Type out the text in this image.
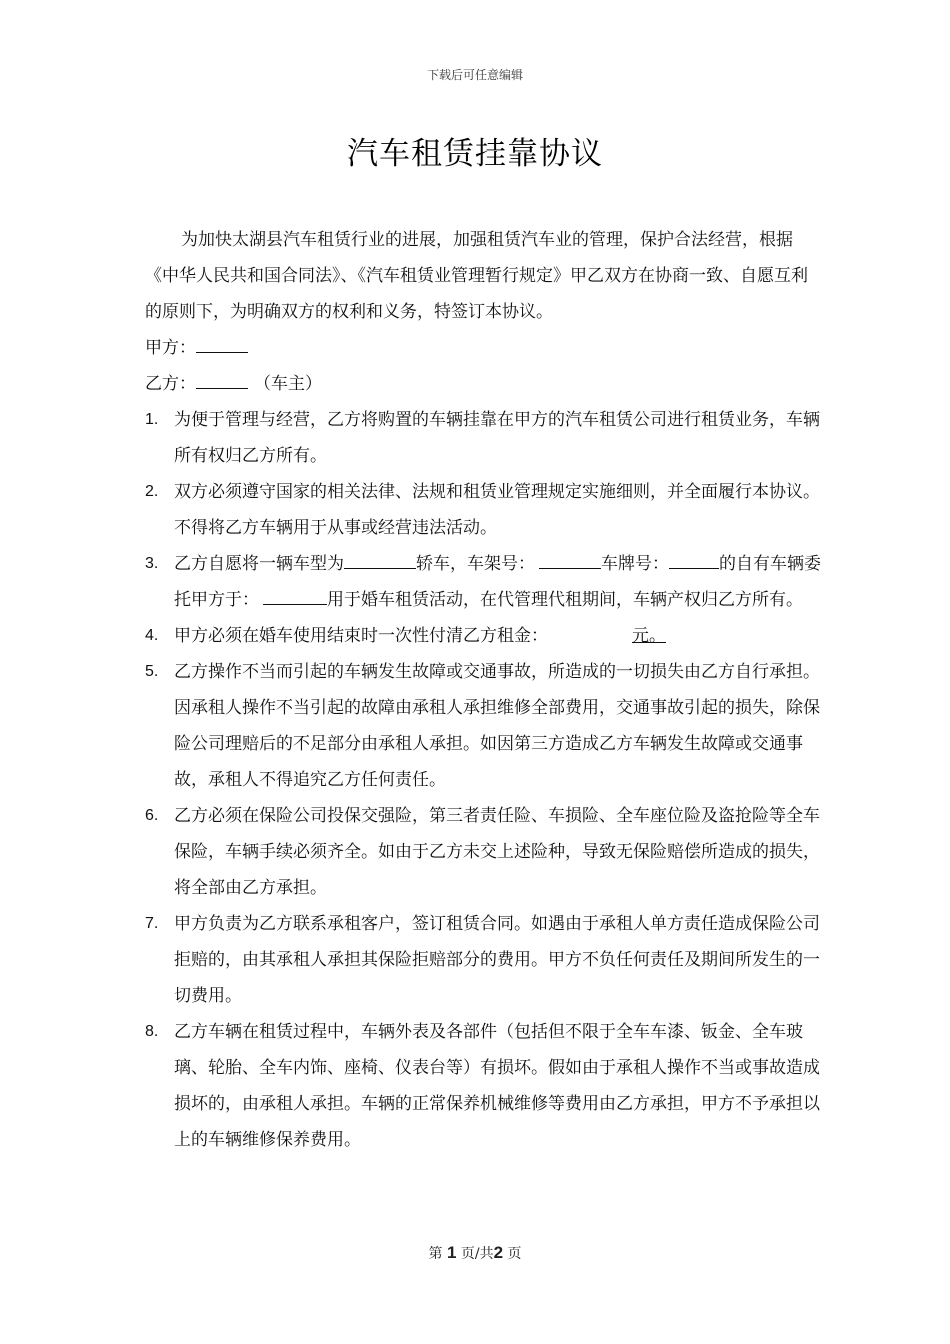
下载后可任意编辑
汽车租赁挂靠协议
为加快太湖县汽车租赁行业的进展，加强租赁汽车业的管理，保护合法经营，根据《中华人民共和国合同法》、《汽车租赁业管理暂行规定》甲乙双方在协商一致、自愿互利的原则下，为明确双方的权利和义务，特签订本协议。
甲方：
乙方：	（车主）
1. 为便于管理与经营，乙方将购置的车辆挂靠在甲方的汽车租赁公司进行租赁业务，车辆所有权归乙方所有。
2. 双方必须遵守国家的相关法律、法规和租赁业管理规定实施细则，并全面履行本协议。不得将乙方车辆用于从事或经营违法活动。
3. 乙方自愿将一辆车型为	轿车，车架号：	车牌号：	的自有车辆委托甲方于：	用于婚车租赁活动，在代管理代租期间，车辆产权归乙方所有。
4. 甲方必须在婚车使用结束时一次性付清乙方租金：	元。
5. 乙方操作不当而引起的车辆发生故障或交通事故，所造成的一切损失由乙方自行承担。因承租人操作不当引起的故障由承租人承担维修全部费用，交通事故引起的损失，除保险公司理赔后的不足部分由承租人承担。如因第三方造成乙方车辆发生故障或交通事故，承租人不得追究乙方任何责任。
6. 乙方必须在保险公司投保交强险，第三者责任险、车损险、全车座位险及盗抢险等全车保险，车辆手续必须齐全。如由于乙方未交上述险种，导致无保险赔偿所造成的损失，将全部由乙方承担。
7. 甲方负责为乙方联系承租客户，签订租赁合同。如遇由于承租人单方责任造成保险公司拒赔的，由其承租人承担其保险拒赔部分的费用。甲方不负任何责任及期间所发生的一切费用。
8. 乙方车辆在租赁过程中，车辆外表及各部件（包括但不限于全车车漆、钣金、全车玻璃、轮胎、全车内饰、座椅、仪表台等）有损坏。假如由于承租人操作不当或事故造成损坏的，由承租人承担。车辆的正常保养机械维修等费用由乙方承担，甲方不予承担以上的车辆维修保养费用。
第 1 页/共2 页
